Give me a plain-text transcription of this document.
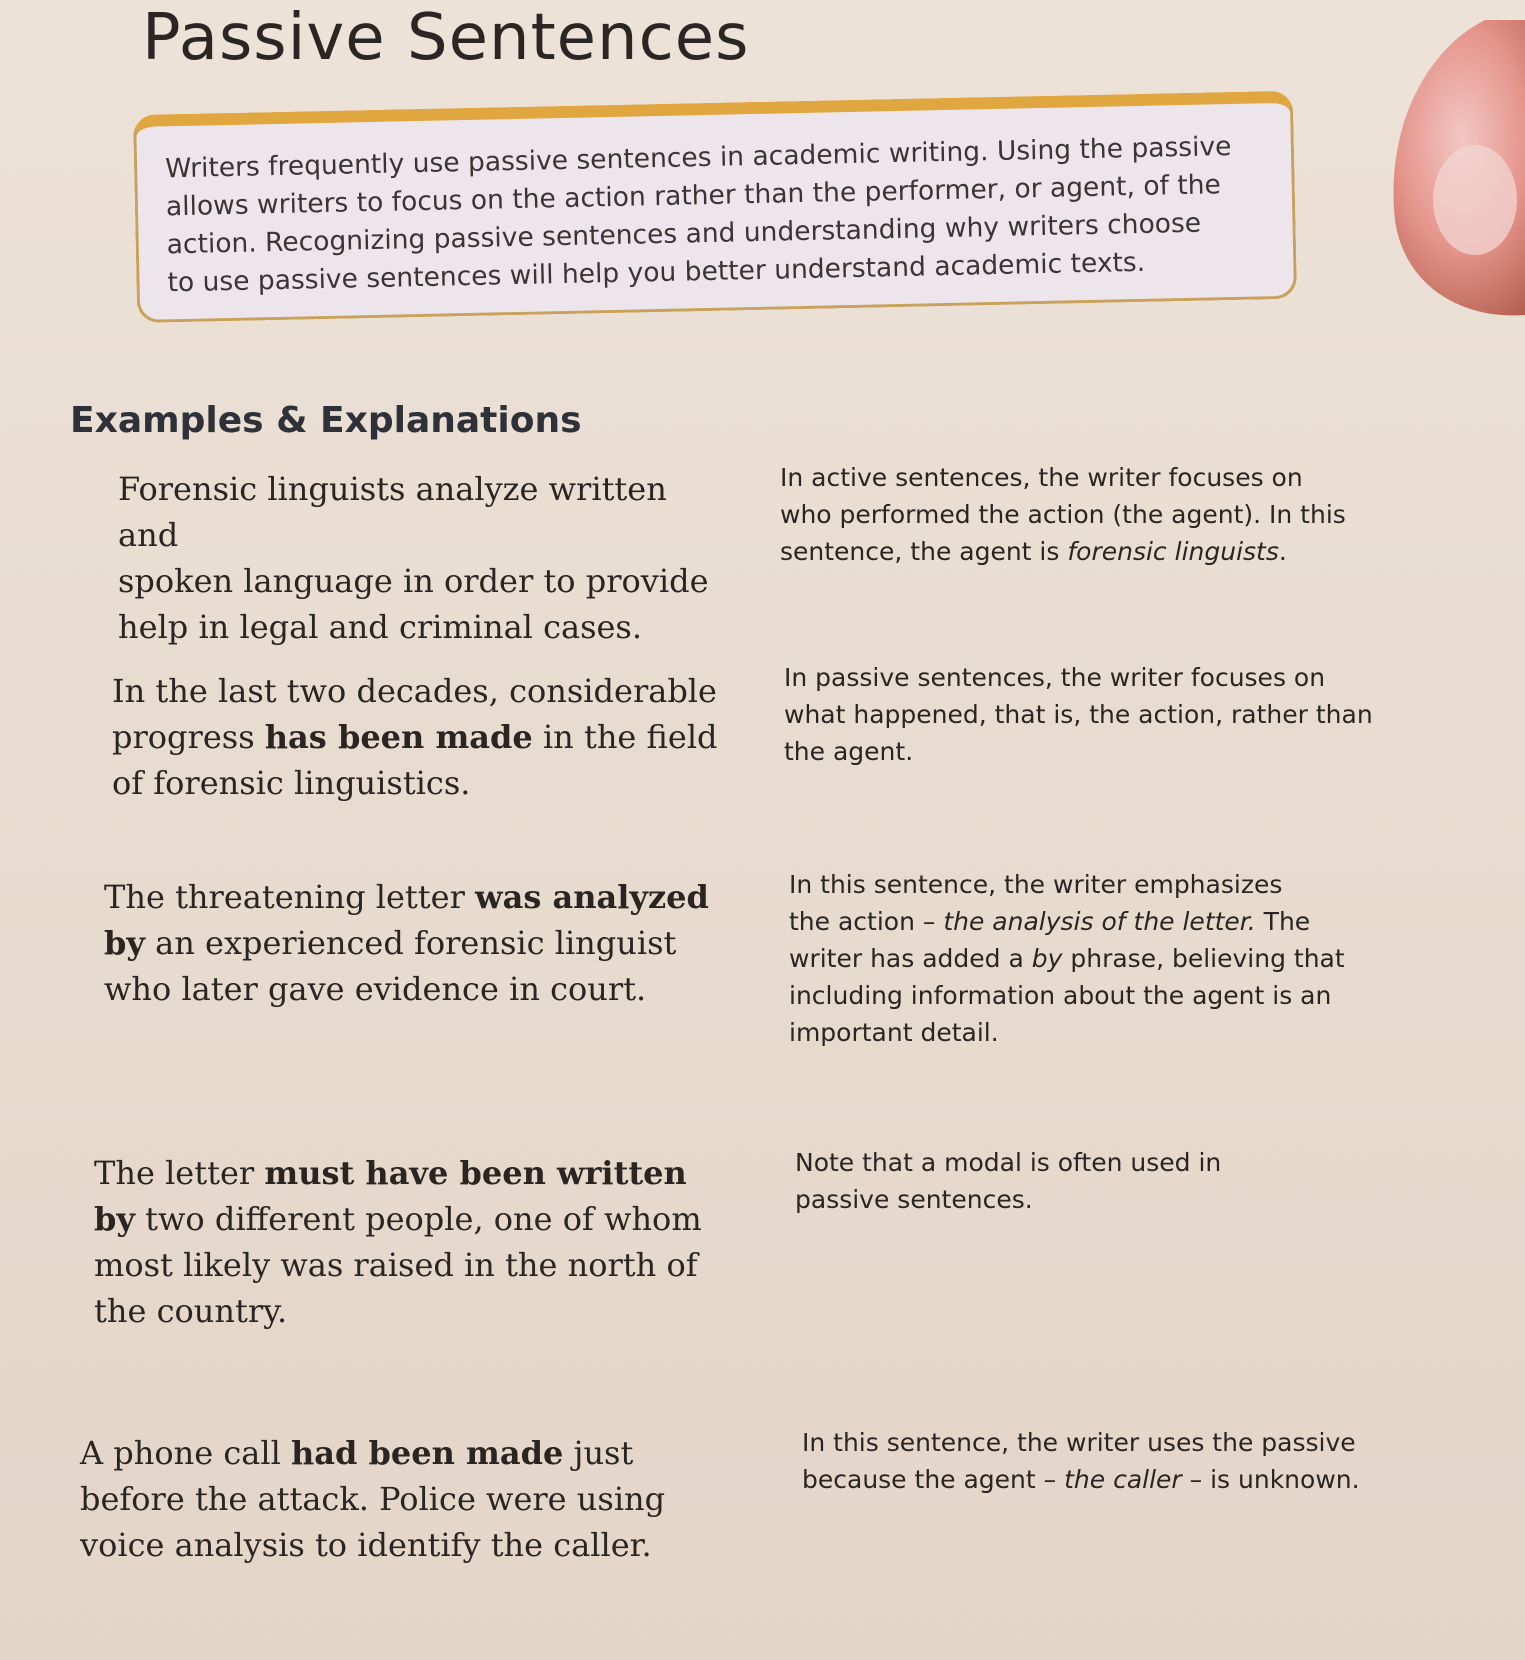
Passive Sentences
Writers frequently use passive sentences in academic writing. Using the passive
allows writers to focus on the action rather than the performer, or agent, of the
action. Recognizing passive sentences and understanding why writers choose
to use passive sentences will help you better understand academic texts.
Examples & Explanations
Forensic linguists analyze written and
spoken language in order to provide
help in legal and criminal cases.
In active sentences, the writer focuses on
who performed the action (the agent). In this
sentence, the agent is forensic linguists.
In the last two decades, considerable
progress has been made in the field
of forensic linguistics.
In passive sentences, the writer focuses on
what happened, that is, the action, rather than
the agent.
The threatening letter was analyzed
by an experienced forensic linguist
who later gave evidence in court.
In this sentence, the writer emphasizes
the action – the analysis of the letter. The
writer has added a by phrase, believing that
including information about the agent is an
important detail.
The letter must have been written
by two different people, one of whom
most likely was raised in the north of
the country.
Note that a modal is often used in
passive sentences.
A phone call had been made just
before the attack. Police were using
voice analysis to identify the caller.
In this sentence, the writer uses the passive
because the agent – the caller – is unknown.
